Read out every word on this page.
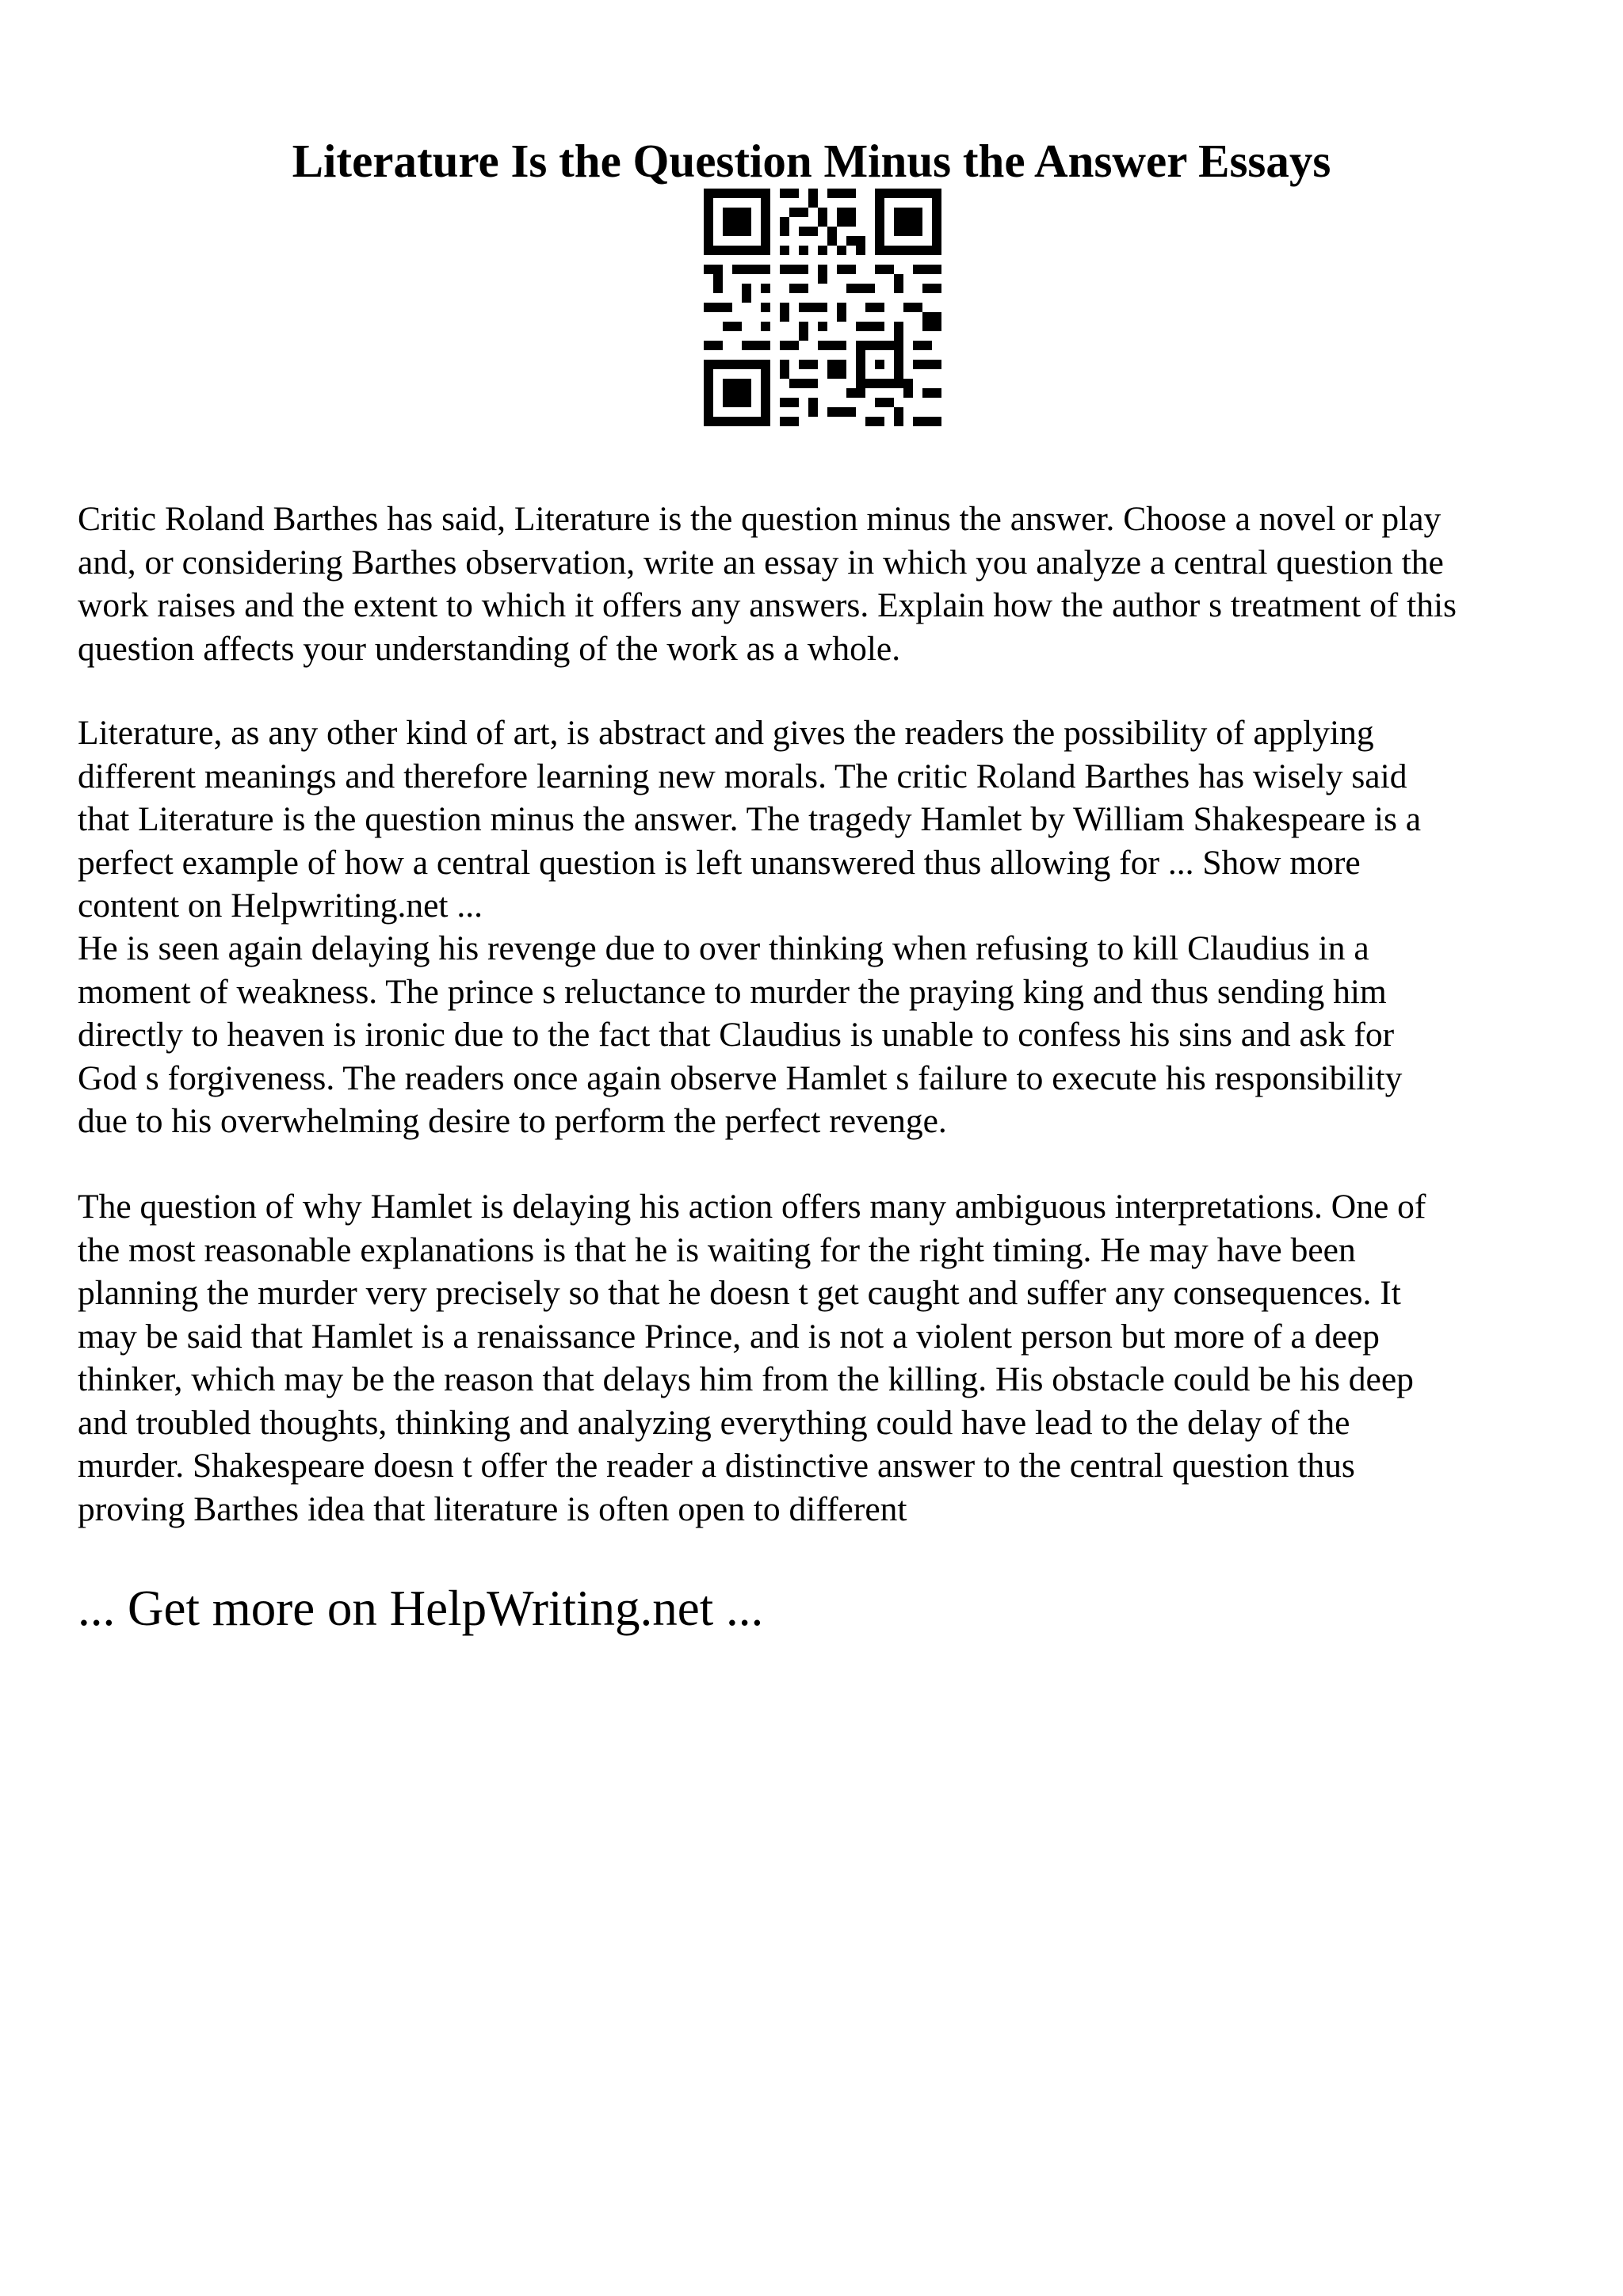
Literature Is the Question Minus the Answer Essays

Critic Roland Barthes has said, Literature is the question minus the answer. Choose a novel or play
and, or considering Barthes observation, write an essay in which you analyze a central question the
work raises and the extent to which it offers any answers. Explain how the author s treatment of this
question affects your understanding of the work as a whole.

Literature, as any other kind of art, is abstract and gives the readers the possibility of applying
different meanings and therefore learning new morals. The critic Roland Barthes has wisely said
that Literature is the question minus the answer. The tragedy Hamlet by William Shakespeare is a
perfect example of how a central question is left unanswered thus allowing for ... Show more
content on Helpwriting.net ...

He is seen again delaying his revenge due to over thinking when refusing to kill Claudius in a
moment of weakness. The prince s reluctance to murder the praying king and thus sending him
directly to heaven is ironic due to the fact that Claudius is unable to confess his sins and ask for
God s forgiveness. The readers once again observe Hamlet s failure to execute his responsibility
due to his overwhelming desire to perform the perfect revenge.

The question of why Hamlet is delaying his action offers many ambiguous interpretations. One of
the most reasonable explanations is that he is waiting for the right timing. He may have been
planning the murder very precisely so that he doesn t get caught and suffer any consequences. It
may be said that Hamlet is a renaissance Prince, and is not a violent person but more of a deep
thinker, which may be the reason that delays him from the killing. His obstacle could be his deep
and troubled thoughts, thinking and analyzing everything could have lead to the delay of the
murder. Shakespeare doesn t offer the reader a distinctive answer to the central question thus
proving Barthes idea that literature is often open to different

... Get more on HelpWriting.net ...
